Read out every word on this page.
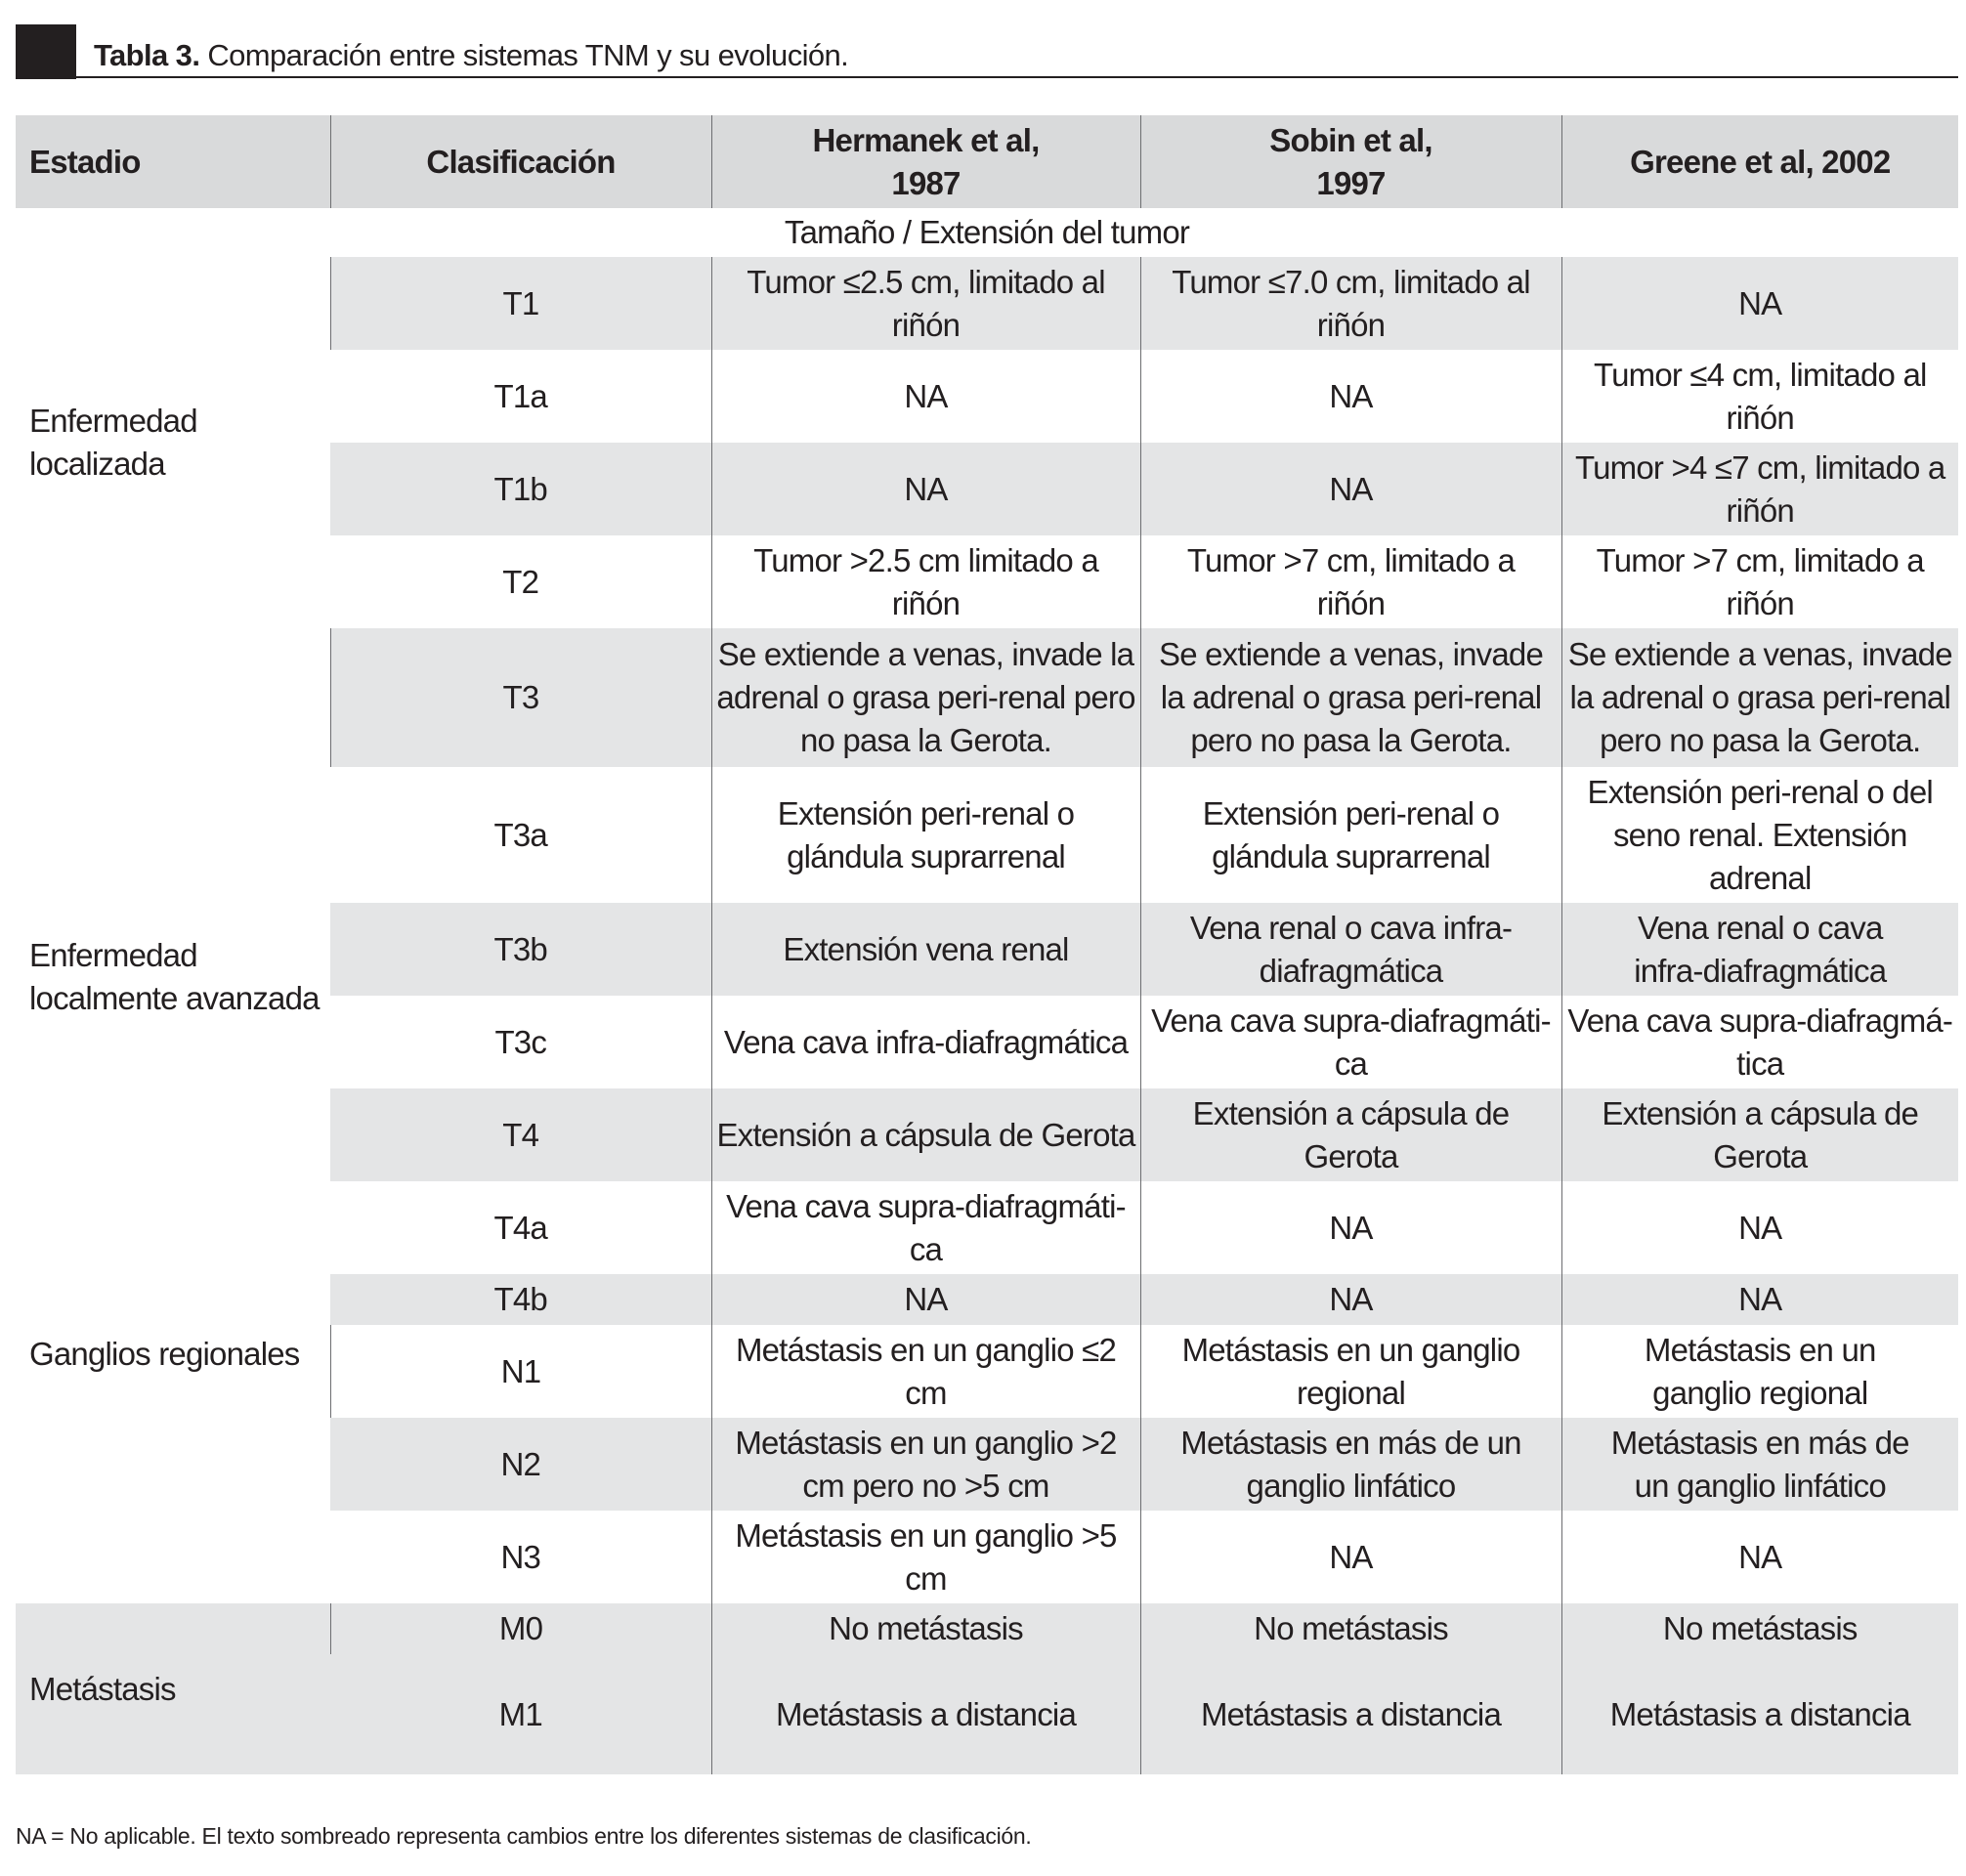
Tabla 3. Comparación entre sistemas TNM y su evolución.
Estadio	Clasificación	Hermanek et al, 1987	Sobin et al, 1997	Greene et al, 2002
Tamaño / Extensión del tumor				
Enfermedad localizada	T1	Tumor ≤2.5 cm, limitado al riñón	Tumor ≤7.0 cm, limitado al riñón	NA
	T1a	NA	NA	Tumor ≤4 cm, limitado al riñón
	T1b	NA	NA	Tumor >4 ≤7 cm, limitado a riñón
	T2	Tumor >2.5 cm limitado a riñón	Tumor >7 cm, limitado a riñón	Tumor >7 cm, limitado a riñón
Enfermedad localmente avanzada	T3	Se extiende a venas, invade la adrenal o grasa peri-renal pero no pasa la Gerota.	Se extiende a venas, invade la adrenal o grasa peri-renal pero no pasa la Gerota.	Se extiende a venas, invade la adrenal o grasa peri-renal pero no pasa la Gerota.
	T3a	Extensión peri-renal o glándula suprarrenal	Extensión peri-renal o glándula suprarrenal	Extensión peri-renal o del seno renal. Extensión adrenal
	T3b	Extensión vena renal	Vena renal o cava infra-diafragmática	Vena renal o cava infra-diafragmática
	T3c	Vena cava infra-diafragmática	Vena cava supra-diafragmáti-ca	Vena cava supra-diafragmá-tica
	T4	Extensión a cápsula de Gerota	Extensión a cápsula de Gerota	Extensión a cápsula de Gerota
	T4a	Vena cava supra-diafragmáti-ca	NA	NA
	T4b	NA	NA	NA
Ganglios regionales	N1	Metástasis en un ganglio ≤2 cm	Metástasis en un ganglio regional	Metástasis en un ganglio regional
	N2	Metástasis en un ganglio >2 cm pero no >5 cm	Metástasis en más de un ganglio linfático	Metástasis en más de un ganglio linfático
	N3	Metástasis en un ganglio >5 cm	NA	NA
Metástasis	M0	No metástasis	No metástasis	No metástasis
	M1	Metástasis a distancia	Metástasis a distancia	Metástasis a distancia
NA = No aplicable. El texto sombreado representa cambios entre los diferentes sistemas de clasificación.
